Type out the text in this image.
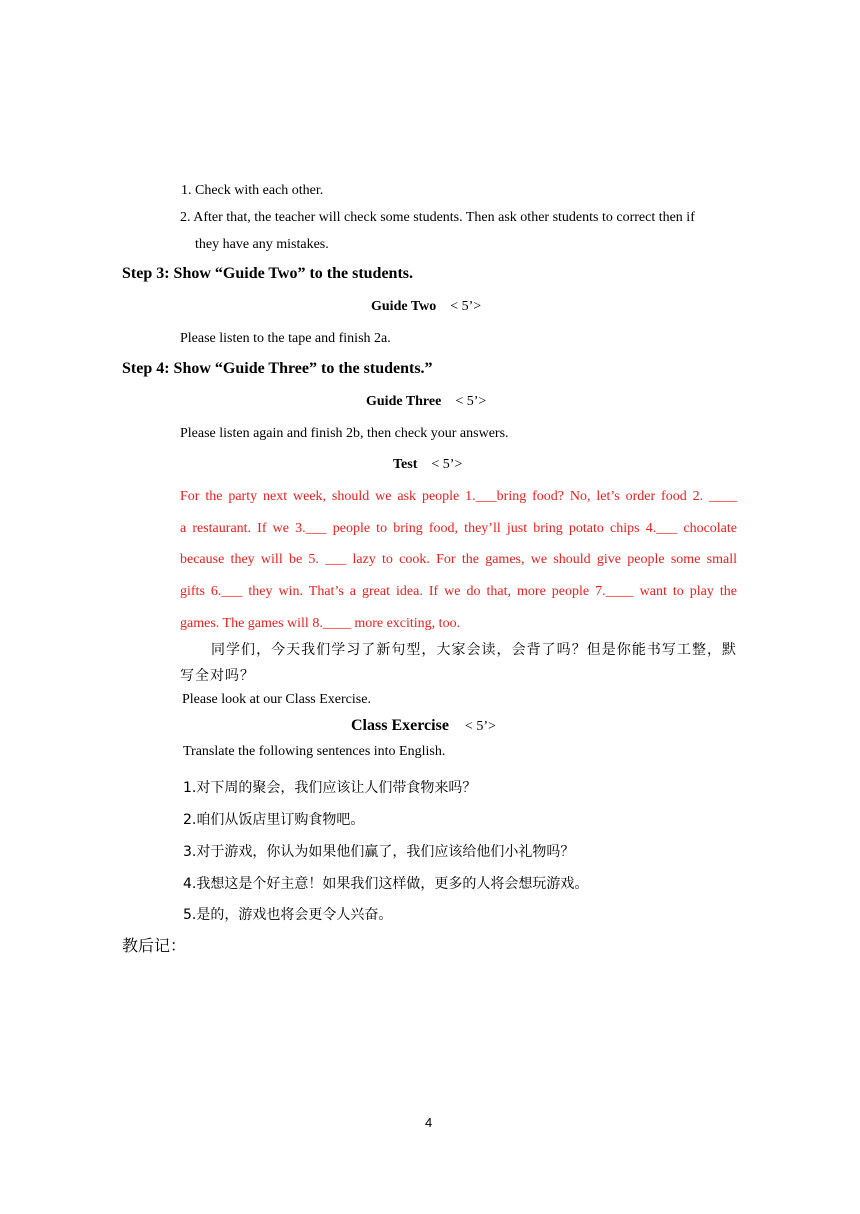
1. Check with each other.
2. After that, the teacher will check some students. Then ask other students to correct then if
they have any mistakes.
Step 3: Show “Guide Two” to the students.
Guide Two < 5’>
Please listen to the tape and finish 2a.
Step 4: Show “Guide Three” to the students.”
Guide Three < 5’>
Please listen again and finish 2b, then check your answers.
Test < 5’>
For the party next week, should we ask people 1.___bring food? No, let’s order food 2. ____
a restaurant. If we 3.___ people to bring food, they’ll just bring potato chips 4.___ chocolate
because they will be 5. ___ lazy to cook. For the games, we should give people some small
gifts 6.___ they win. That’s a great idea. If we do that, more people 7.____ want to play the
games. The games will 8.____ more exciting, too.
同学们，今天我们学习了新句型，大家会读，会背了吗？但是你能书写工整，默
写全对吗？
Please look at our Class Exercise.
Class Exercise < 5’>
Translate the following sentences into English.
1.对下周的聚会，我们应该让人们带食物来吗？
2.咱们从饭店里订购食物吧。
3.对于游戏，你认为如果他们赢了，我们应该给他们小礼物吗？
4.我想这是个好主意！如果我们这样做，更多的人将会想玩游戏。
5.是的，游戏也将会更令人兴奋。
教后记：
4
